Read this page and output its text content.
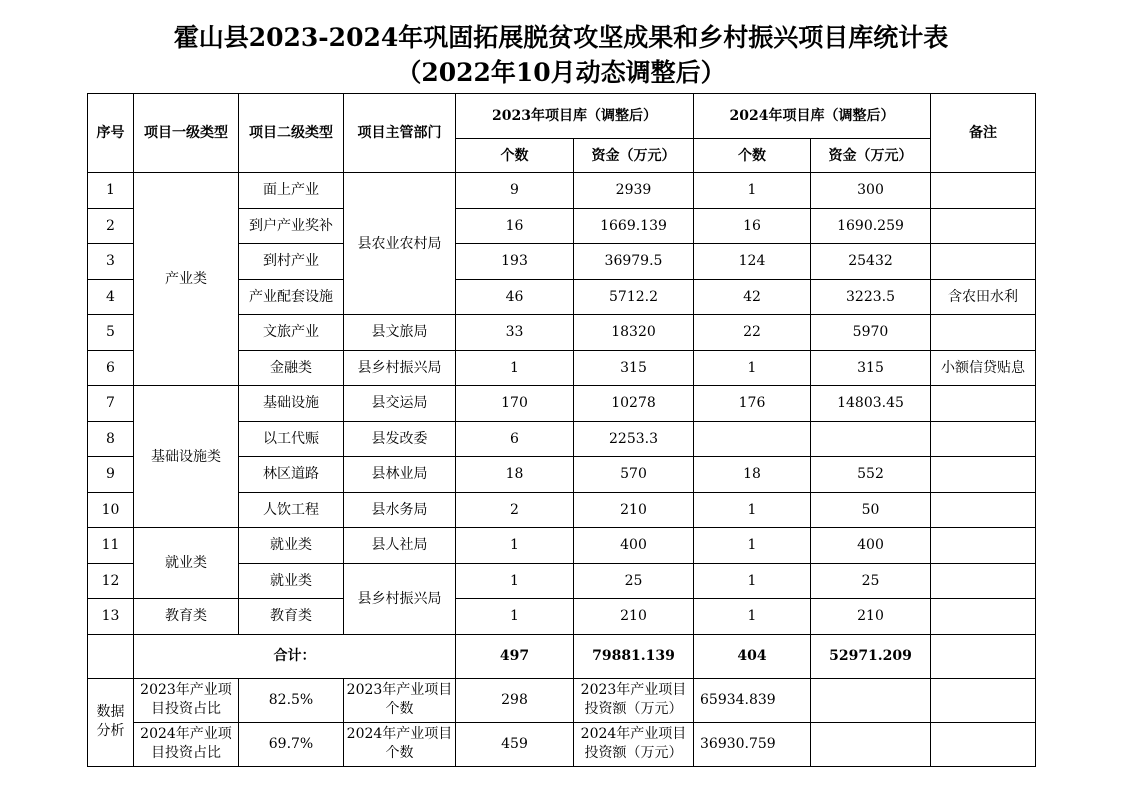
霍山县2023-2024年巩固拓展脱贫攻坚成果和乡村振兴项目库统计表
（2022年10月动态调整后）
序号	项目一级类型	项目二级类型	项目主管部门	2023年项目库（调整后）		2024年项目库（调整后）		备注
				个数	资金（万元）	个数	资金（万元）	
1	产业类	面上产业	县农业农村局	9	2939	1	300	
2		到户产业奖补		16	1669.139	16	1690.259	
3		到村产业		193	36979.5	124	25432	
4		产业配套设施		46	5712.2	42	3223.5	含农田水利
5		文旅产业	县文旅局	33	18320	22	5970	
6		金融类	县乡村振兴局	1	315	1	315	小额信贷贴息
7	基础设施类	基础设施	县交运局	170	10278	176	14803.45	
8		以工代赈	县发改委	6	2253.3			
9		林区道路	县林业局	18	570	18	552	
10		人饮工程	县水务局	2	210	1	50	
11	就业类	就业类	县人社局	1	400	1	400	
12		就业类	县乡村振兴局	1	25	1	25	
13	教育类	教育类		1	210	1	210	
	合计：			497	79881.139	404	52971.209	
数据分析	2023年产业项目投资占比	82.5%	2023年产业项目个数	298	2023年产业项目投资额（万元）	65934.839		
	2024年产业项目投资占比	69.7%	2024年产业项目个数	459	2024年产业项目投资额（万元）	36930.759		
